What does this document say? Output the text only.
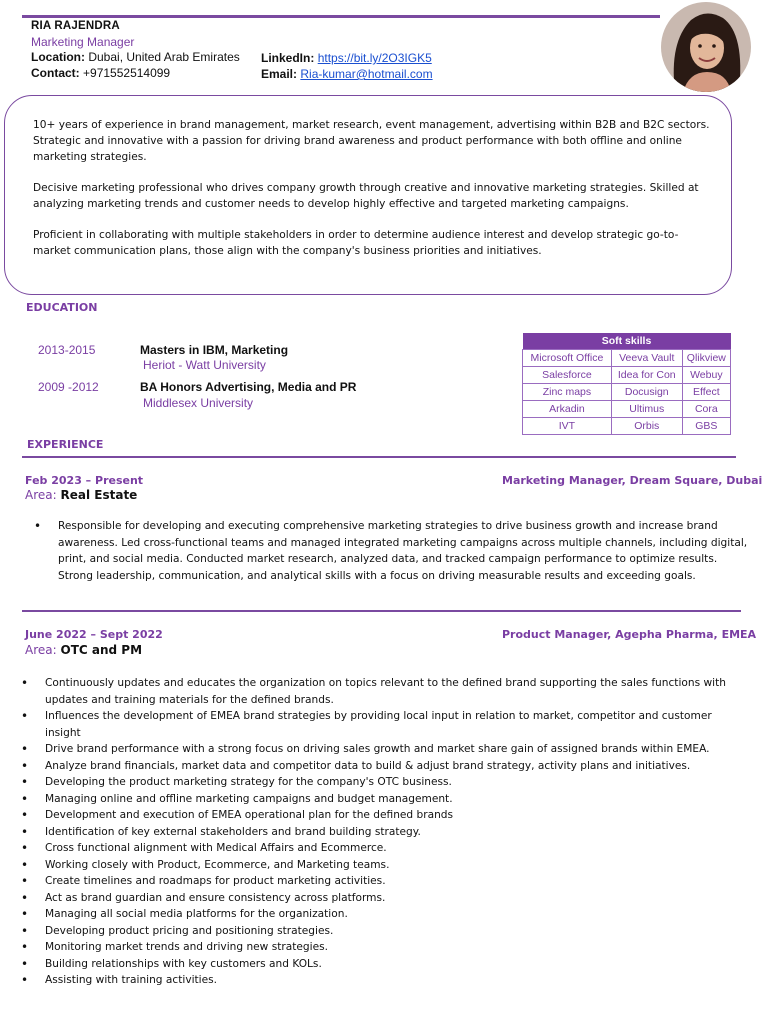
RIA RAJENDRA
Marketing Manager
Location: Dubai, United Arab Emirates
Contact: +971552514099
LinkedIn: https://bit.ly/2O3IGK5
Email: Ria-kumar@hotmail.com
10+ years of experience in brand management, market research, event management, advertising within B2B and B2C sectors. Strategic and innovative with a passion for driving brand awareness and product performance with both offline and online marketing strategies.
Decisive marketing professional who drives company growth through creative and innovative marketing strategies. Skilled at analyzing marketing trends and customer needs to develop highly effective and targeted marketing campaigns.
Proficient in collaborating with multiple stakeholders in order to determine audience interest and develop strategic go-to-market communication plans, those align with the company's business priorities and initiatives.
EDUCATION
2013-2015	Masters in IBM, Marketing
Heriot - Watt University
2009 -2012	BA Honors Advertising, Media and PR
Middlesex University
Soft skills		
Microsoft Office	Veeva Vault	Qlikview
Salesforce	Idea for Con	Webuy
Zinc maps	Docusign	Effect
Arkadin	Ultimus	Cora
IVT	Orbis	GBS
EXPERIENCE
Feb 2023 – Present	Marketing Manager, Dream Square, Dubai
Area: Real Estate
• Responsible for developing and executing comprehensive marketing strategies to drive business growth and increase brand awareness. Led cross-functional teams and managed integrated marketing campaigns across multiple channels, including digital, print, and social media. Conducted market research, analyzed data, and tracked campaign performance to optimize results. Strong leadership, communication, and analytical skills with a focus on driving measurable results and exceeding goals.
June 2022 – Sept 2022	Product Manager, Agepha Pharma, EMEA
Area: OTC and PM
• Continuously updates and educates the organization on topics relevant to the defined brand supporting the sales functions with updates and training materials for the defined brands.
• Influences the development of EMEA brand strategies by providing local input in relation to market, competitor and customer insight
• Drive brand performance with a strong focus on driving sales growth and market share gain of assigned brands within EMEA.
• Analyze brand financials, market data and competitor data to build & adjust brand strategy, activity plans and initiatives.
• Developing the product marketing strategy for the company's OTC business.
• Managing online and offline marketing campaigns and budget management.
• Development and execution of EMEA operational plan for the defined brands
• Identification of key external stakeholders and brand building strategy.
• Cross functional alignment with Medical Affairs and Ecommerce.
• Working closely with Product, Ecommerce, and Marketing teams.
• Create timelines and roadmaps for product marketing activities.
• Act as brand guardian and ensure consistency across platforms.
• Managing all social media platforms for the organization.
• Developing product pricing and positioning strategies.
• Monitoring market trends and driving new strategies.
• Building relationships with key customers and KOLs.
• Assisting with training activities.
